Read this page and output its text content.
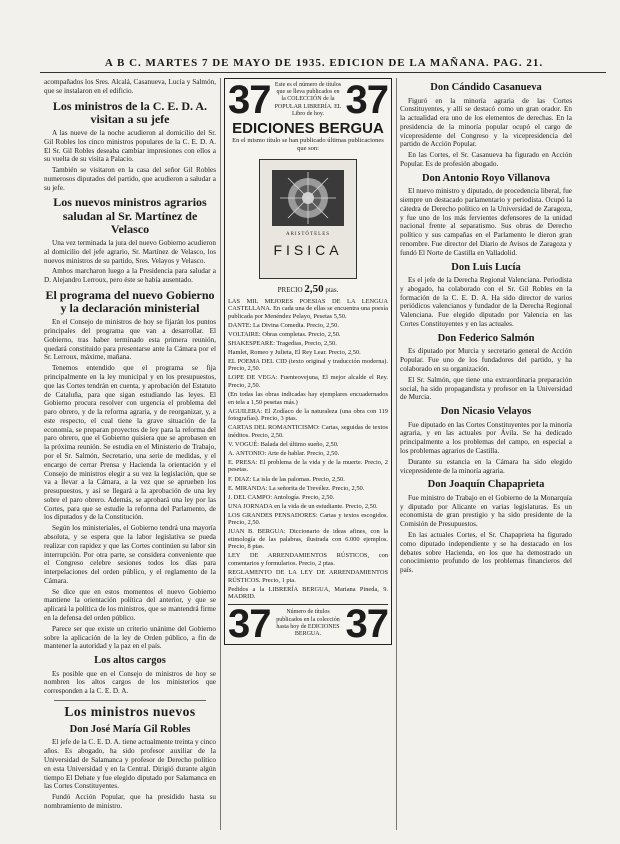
A B C. MARTES 7 DE MAYO DE 1935. EDICION DE LA MAÑANA. PAG. 21.

acompañados los Sres. Alcalá, Casanueva, Lucía y Salmón, que se instalaron en el edificio.

Los ministros de la C. E. D. A. visitan a su jefe

A las nueve de la noche acudieron al domicilio del Sr. Gil Robles los cinco ministros populares de la C. E. D. A. El Sr. Gil Robles deseaba cambiar impresiones con ellos a su vuelta de su visita a Palacio.

También se visitaron en la casa del señor Gil Robles numerosos diputados del partido, que acudieron a saludar a su jefe.

Los nuevos ministros agrarios saludan al Sr. Martínez de Velasco

Una vez terminada la jura del nuevo Gobierno acudieron al domicilio del jefe agrario, Sr. Martínez de Velasco, los nuevos ministros de su partido, Sres. Velayos y Velasco.

Ambos marcharon luego a la Presidencia para saludar a D. Alejandro Lerroux, pero éste se había ausentado.

El programa del nuevo Gobierno y la declaración ministerial

En el Consejo de ministros de hoy se fijarán los puntos principales del programa que van a desarrollar. El Gobierno, tras haber terminado esta primera reunión, quedará constituido para presentarse ante la Cámara por el Sr. Lerroux, máxime, mañana.

Tenemos entendido que el programa se fija principalmente en la ley municipal y en los presupuestos, que las Cortes tendrán en cuenta, y aprobación del Estatuto de Cataluña, para que sigan estudiando las leyes. El Gobierno procura resolver con urgencia el problema del paro obrero, y de la reforma agraria, y de reorganizar, y, a este respecto, el cual tiene la grave situación de la economía, se preparan proyectos de ley para la reforma del paro obrero, que el Gobierno quisiera que se aprobasen en la próxima reunión. Se estudia en el Ministerio de Trabajo, por el Sr. Salmón, Secretario, una serie de medidas, y el encargo de cerrar Prensa y Hacienda la orientación y el Consejo de ministros elegir a su vez la legislación, que se va a llevar a la Cámara, a la vez que se aprueben los presupuestos, y así se llegará a la aprobación de una ley sobre el paro obrero. Además, se aprobará una ley por las Cortes, para que se estudie la reforma del Parlamento, de los diputados y de la Constitución.

Según los ministeriales, el Gobierno tendrá una mayoría absoluta, y se espera que la labor legislativa se pueda realizar con rapidez y que las Cortes continúen su labor sin interrupción. Por otra parte, se considera conveniente que el Congreso celebre sesiones todos los días para interpelaciones del orden público, y el reglamento de la Cámara.

Se dice que en estos momentos el nuevo Gobierno mantiene la orientación política del anterior, y que se aplicará la política de los ministros, que se mantendrá firme en la defensa del orden público.

Parece ser que existe un criterio unánime del Gobierno sobre la aplicación de la ley de Orden público, a fin de mantener la autoridad y la paz en el país.

Los altos cargos

Es posible que en el Consejo de ministros de hoy se nombren los altos cargos de los ministerios que corresponden a la C. E. D. A.

Los ministros nuevos
Don José María Gil Robles

El jefe de la C. E. D. A. tiene actualmente treinta y cinco años. Es abogado, ha sido profesor auxiliar de la Universidad de Salamanca y profesor de Derecho político en esta Universidad y en la Central. Dirigió durante algún tiempo El Debate y fue elegido diputado por Salamanca en las Cortes Constituyentes.

Fundó Acción Popular, que ha presidido hasta su nombramiento de ministro.

37 Este es el número de títulos que se lleva publicados en la COLECCIÓN de la POPULAR LIBRERÍA. EL Libro de hoy. 37
EDICIONES BERGUA
En el mismo título se han publicado últimas publicaciones que son:
ARISTÓTELES
FISICA
PRECIO 2,50 ptas.

LAS MIL MEJORES POESIAS DE LA LENGUA CASTELLANA. En cada una de ellas se encuentra una poesía publicada por Menéndez Pelayo, Pesetas 5,50.

DANTE: La Divina Comedia. Precio, 2,50.

VOLTAIRE: Obras completas. Precio, 2,50.

SHAKESPEARE: Tragedias, Precio, 2,50.

Hamlet, Romeo y Julieta, El Rey Lear. Precio, 2,50.

EL POEMA DEL CID (texto original y traducción moderna). Precio, 2,50.

LOPE DE VEGA: Fuenteovejuna, El mejor alcalde el Rey. Precio, 2,50.

(En todas las obras indicadas hay ejemplares encuadernados en tela a 1,50 pesetas más.)

AGUILERA: El Zodíaco de la naturaleza (una obra con 119 fotografías). Precio, 3 ptas.

CARTAS DEL ROMANTICISMO: Cartas, seguidas de textos inéditos. Precio, 2,50.

V. VOGUÉ: Balada del último sueño, 2,50.

A. ANTONIO: Arte de hablar. Precio, 2,50.

E. PRESA: El problema de la vida y de la muerte. Precio, 2 pesetas.

F. DIAZ: La isla de las palomas. Precio, 2,50.

E. MIRANDA: La señorita de Trevélez. Precio, 2,50.

J. DEL CAMPO: Antología. Precio, 2,50.

UNA JORNADA en la vida de un estudiante. Precio, 2,50.

LOS GRANDES PENSADORES: Cartas y textos escogidos. Precio, 2,50.

JUAN B. BERGUA: Diccionario de ideas afines, con la etimología de las palabras, ilustrada con 6.000 ejemplos. Precio, 8 ptas.

LEY DE ARRENDAMIENTOS RÚSTICOS, con comentarios y formularios. Precio, 2 ptas.

REGLAMENTO DE LA LEY DE ARRENDAMIENTOS RÚSTICOS. Precio, 1 pta.

Pedidos a la LIBRERÍA BERGUA, Mariana Pineda, 9. MADRID.

37	Número de títulos publicados en la colección hasta hoy de EDICIONES BERGUA. 37
Don Cándido Casanueva

Figuró en la minoría agraria de las Cortes Constituyentes, y allí se destacó como un gran orador. En la actualidad era uno de los elementos de derechas. En la presidencia de la minoría popular ocupó el cargo de vicepresidente del Congreso y la vicepresidencia del partido de Acción Popular.

En las Cortes, el Sr. Casanueva ha figurado en Acción Popular. Es de profesión abogado.

Don Antonio Royo Villanova

El nuevo ministro y diputado, de procedencia liberal, fue siempre un destacado parlamentario y periodista. Ocupó la cátedra de Derecho político en la Universidad de Zaragoza, y fue uno de los más fervientes defensores de la unidad nacional frente al separatismo. Sus obras de Derecho político y sus campañas en el Parlamento le dieron gran renombre. Fue director del Diario de Avisos de Zaragoza y fundó El Norte de Castilla en Valladolid.

Don Luis Lucía

Es el jefe de la Derecha Regional Valenciana. Periodista y abogado, ha colaborado con el Sr. Gil Robles en la formación de la C. E. D. A. Ha sido director de varios periódicos valencianos y fundador de la Derecha Regional Valenciana. Fue elegido diputado por Valencia en las Cortes Constituyentes y en las actuales.

Don Federico Salmón

Es diputado por Murcia y secretario general de Acción Popular. Fue uno de los fundadores del partido, y ha colaborado en su organización.

El Sr. Salmón, que tiene una extraordinaria preparación social, ha sido propagandista y profesor en la Universidad de Murcia.

Don Nicasio Velayos

Fue diputado en las Cortes Constituyentes por la minoría agraria, y en las actuales por Ávila. Se ha dedicado principalmente a los problemas del campo, en especial a los problemas agrarios de Castilla.

Durante su estancia en la Cámara ha sido elegido vicepresidente de la minoría agraria.

Don Joaquín Chapaprieta

Fue ministro de Trabajo en el Gobierno de la Monarquía y diputado por Alicante en varias legislaturas. Es un economista de gran prestigio y ha sido presidente de la Comisión de Presupuestos.

En las actuales Cortes, el Sr. Chapaprieta ha figurado como diputado independiente y se ha destacado en los debates sobre Hacienda, en los que ha demostrado un conocimiento profundo de los problemas financieros del país.
